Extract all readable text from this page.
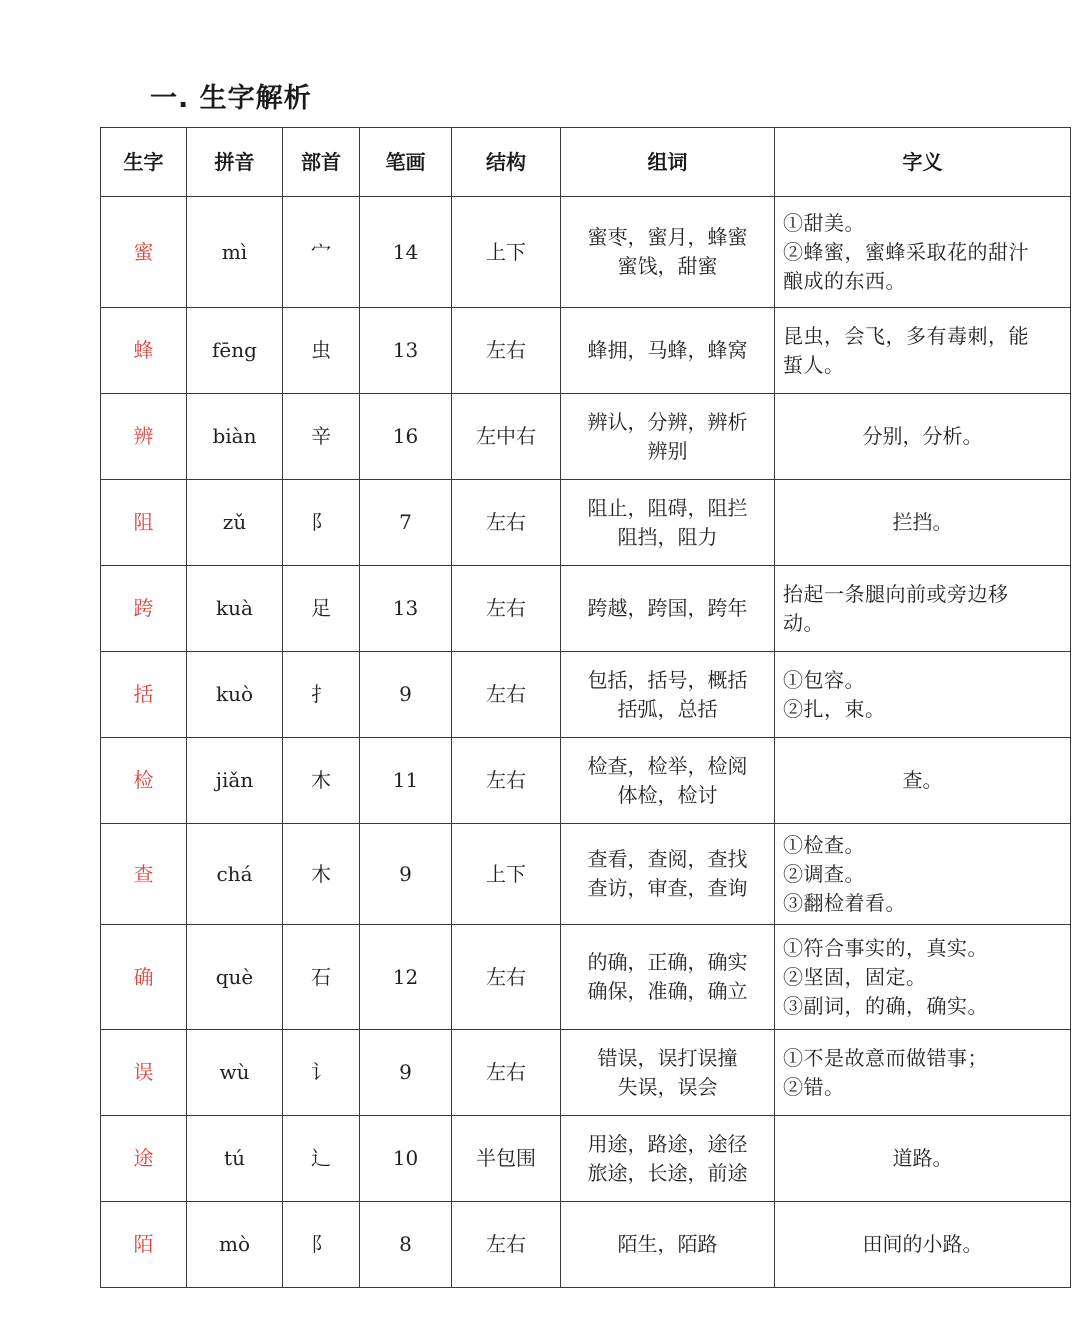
一. 生字解析
生字	拼音	部首	笔画	结构	组词	字义
蜜	mì	宀	14	上下	蜜枣，蜜月，蜂蜜
蜜饯，甜蜜	①甜美。
②蜂蜜，蜜蜂采取花的甜汁
酿成的东西。

蜂	fēng	虫	13	左右	蜂拥，马蜂，蜂窝	昆虫，会飞，多有毒刺，能
蜇人。

辨	biàn	辛	16	左中右	辨认，分辨，辨析
辨别	分别，分析。

阻	zǔ	阝	7	左右	阻止，阻碍，阻拦
阻挡，阻力	拦挡。

跨	kuà	足	13	左右	跨越，跨国，跨年	抬起一条腿向前或旁边移
动。

括	kuò	扌	9	左右	包括，括号，概括
括弧，总括	①包容。
②扎，束。

检	jiǎn	木	11	左右	检查，检举，检阅
体检，检讨	查。

查	chá	木	9	上下	查看，查阅，查找
查访，审查，查询	①检查。
②调查。
③翻检着看。

确	què	石	12	左右	的确，正确，确实
确保，准确，确立	①符合事实的，真实。
②坚固，固定。
③副词，的确，确实。

误	wù	讠	9	左右	错误，误打误撞
失误，误会	①不是故意而做错事；
②错。

途	tú	辶	10	半包围	用途，路途，途径
旅途，长途，前途	道路。

陌	mò	阝	8	左右	陌生，陌路	田间的小路。
